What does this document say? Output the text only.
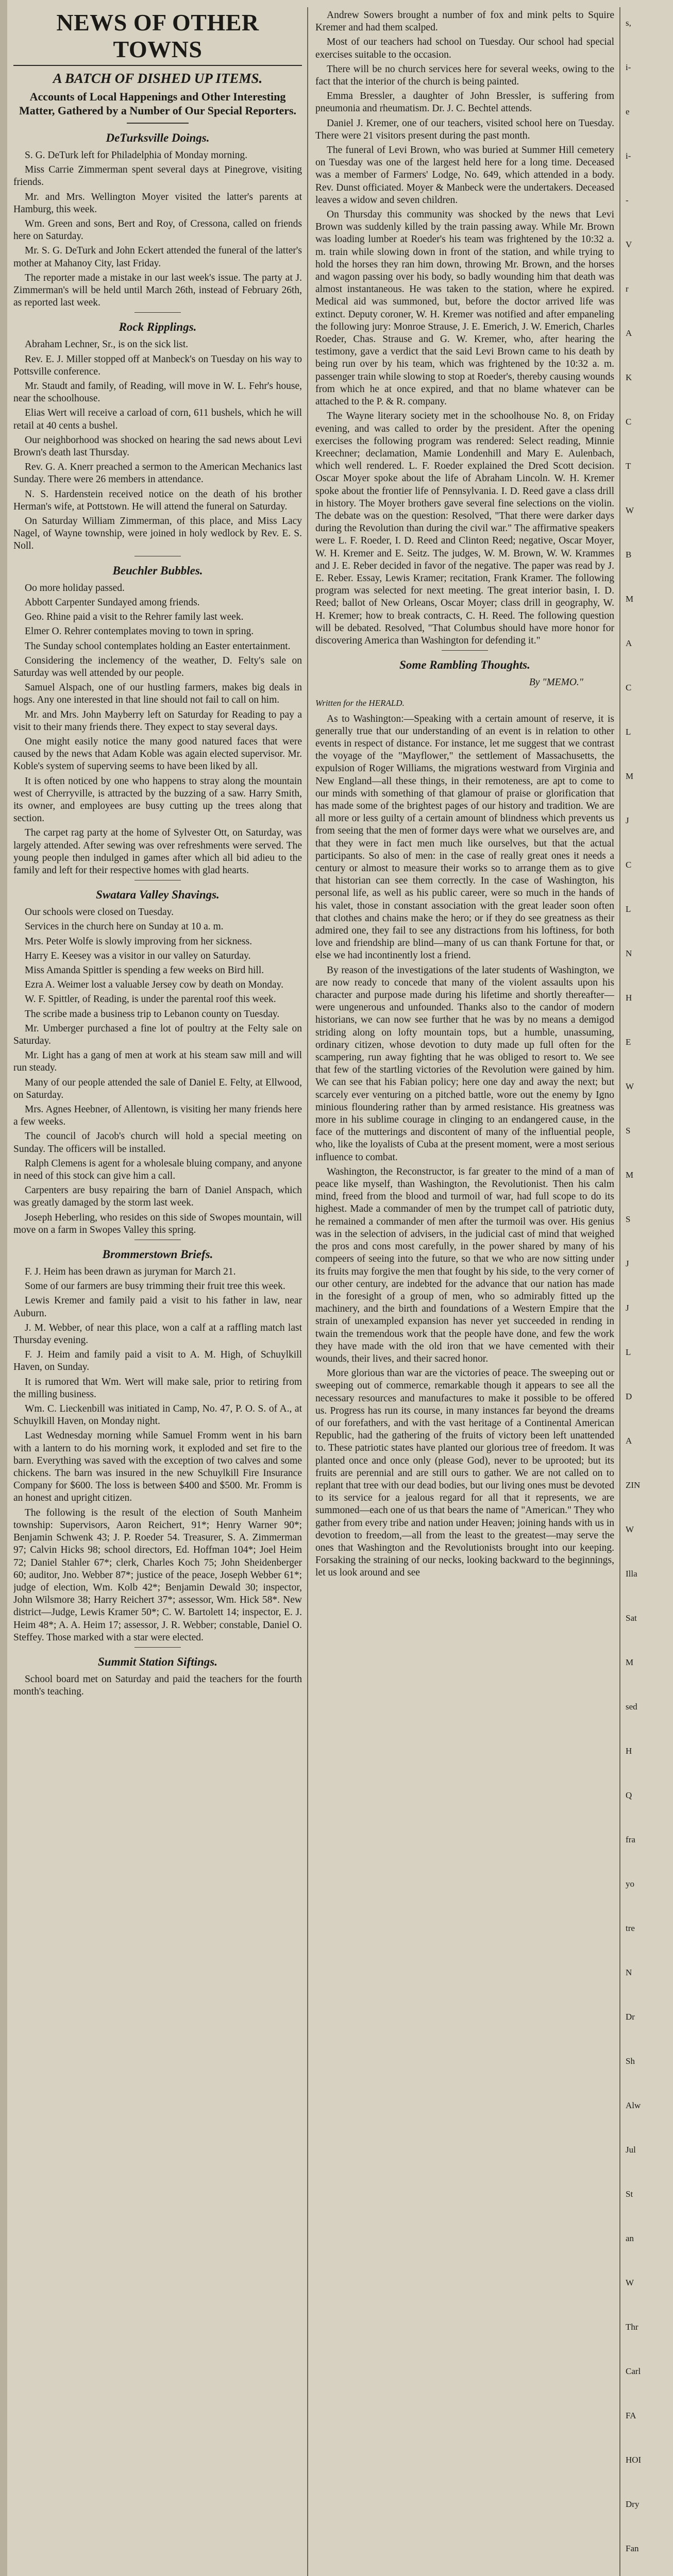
NEWS OF OTHER TOWNS
A BATCH OF DISHED UP ITEMS.
Accounts of Local Happenings and Other Interesting Matter, Gathered by a Number of Our Special Reporters.
DeTurksville Doings.

S. G. DeTurk left for Philadelphia of Monday morning.

Miss Carrie Zimmerman spent several days at Pinegrove, visiting friends.

Mr. and Mrs. Wellington Moyer visited the latter's parents at Hamburg, this week.

Wm. Green and sons, Bert and Roy, of Cressona, called on friends here on Saturday.

Mr. S. G. DeTurk and John Eckert attended the funeral of the latter's mother at Mahanoy City, last Friday.

The reporter made a mistake in our last week's issue. The party at J. Zimmerman's will be held until March 26th, instead of February 26th, as reported last week.

Rock Ripplings.

Abraham Lechner, Sr., is on the sick list.

Rev. E. J. Miller stopped off at Manbeck's on Tuesday on his way to Pottsville conference.

Mr. Staudt and family, of Reading, will move in W. L. Fehr's house, near the schoolhouse.

Elias Wert will receive a carload of corn, 611 bushels, which he will retail at 40 cents a bushel.

Our neighborhood was shocked on hearing the sad news about Levi Brown's death last Thursday.

Rev. G. A. Knerr preached a sermon to the American Mechanics last Sunday. There were 26 members in attendance.

N. S. Hardenstein received notice on the death of his brother Herman's wife, at Pottstown. He will attend the funeral on Saturday.

On Saturday William Zimmerman, of this place, and Miss Lacy Nagel, of Wayne township, were joined in holy wedlock by Rev. E. S. Noll.

Beuchler Bubbles.

Oo more holiday passed.

Abbott Carpenter Sundayed among friends.

Geo. Rhine paid a visit to the Rehrer family last week.

Elmer O. Rehrer contemplates moving to town in spring.

The Sunday school contemplates holding an Easter entertainment.

Considering the inclemency of the weather, D. Felty's sale on Saturday was well attended by our people.

Samuel Alspach, one of our hustling farmers, makes big deals in hogs. Any one interested in that line should not fail to call on him.

Mr. and Mrs. John Mayberry left on Saturday for Reading to pay a visit to their many friends there. They expect to stay several days.

One might easily notice the many good natured faces that were caused by the news that Adam Koble was again elected supervisor. Mr. Koble's system of superving seems to have been liked by all.

It is often noticed by one who happens to stray along the mountain west of Cherryville, is attracted by the buzzing of a saw. Harry Smith, its owner, and employees are busy cutting up the trees along that section.

The carpet rag party at the home of Sylvester Ott, on Saturday, was largely attended. After sewing was over refreshments were served. The young people then indulged in games after which all bid adieu to the family and left for their respective homes with glad hearts.

Swatara Valley Shavings.

Our schools were closed on Tuesday.

Services in the church here on Sunday at 10 a. m.

Mrs. Peter Wolfe is slowly improving from her sickness.

Harry E. Keesey was a visitor in our valley on Saturday.

Miss Amanda Spittler is spending a few weeks on Bird hill.

Ezra A. Weimer lost a valuable Jersey cow by death on Monday.

W. F. Spittler, of Reading, is under the parental roof this week.

The scribe made a business trip to Lebanon county on Tuesday.

Mr. Umberger purchased a fine lot of poultry at the Felty sale on Saturday.

Mr. Light has a gang of men at work at his steam saw mill and will run steady.

Many of our people attended the sale of Daniel E. Felty, at Ellwood, on Saturday.

Mrs. Agnes Heebner, of Allentown, is visiting her many friends here a few weeks.

The council of Jacob's church will hold a special meeting on Sunday. The officers will be installed.

Ralph Clemens is agent for a wholesale bluing company, and anyone in need of this stock can give him a call.

Carpenters are busy repairing the barn of Daniel Anspach, which was greatly damaged by the storm last week.

Joseph Heberling, who resides on this side of Swopes mountain, will move on a farm in Swopes Valley this spring.

Brommerstown Briefs.

F. J. Heim has been drawn as juryman for March 21.

Some of our farmers are busy trimming their fruit tree this week.

Lewis Kremer and family paid a visit to his father in law, near Auburn.

J. M. Webber, of near this place, won a calf at a raffling match last Thursday evening.

F. J. Heim and family paid a visit to A. M. High, of Schuylkill Haven, on Sunday.

It is rumored that Wm. Wert will make sale, prior to retiring from the milling business.

Wm. C. Lieckenbill was initiated in Camp, No. 47, P. O. S. of A., at Schuylkill Haven, on Monday night.

Last Wednesday morning while Samuel Fromm went in his barn with a lantern to do his morning work, it exploded and set fire to the barn. Everything was saved with the exception of two calves and some chickens. The barn was insured in the new Schuylkill Fire Insurance Company for $600. The loss is between $400 and $500. Mr. Fromm is an honest and upright citizen.

The following is the result of the election of South Manheim township: Supervisors, Aaron Reichert, 91*; Henry Warner 90*; Benjamin Schwenk 43; J. P. Roeder 54. Treasurer, S. A. Zimmerman 97; Calvin Hicks 98; school directors, Ed. Hoffman 104*; Joel Heim 72; Daniel Stahler 67*; clerk, Charles Koch 75; John Sheidenberger 60; auditor, Jno. Webber 87*; justice of the peace, Joseph Webber 61*; judge of election, Wm. Kolb 42*; Benjamin Dewald 30; inspector, John Wilsmore 38; Harry Reichert 37*; assessor, Wm. Hick 58*. New district—Judge, Lewis Kramer 50*; C. W. Bartolett 14; inspector, E. J. Heim 48*; A. A. Heim 17; assessor, J. R. Webber; constable, Daniel O. Steffey. Those marked with a star were elected.

Summit Station Siftings.

School board met on Saturday and paid the teachers for the fourth month's teaching.

Andrew Sowers brought a number of fox and mink pelts to Squire Kremer and had them scalped.

Most of our teachers had school on Tuesday. Our school had special exercises suitable to the occasion.

There will be no church services here for several weeks, owing to the fact that the interior of the church is being painted.

Emma Bressler, a daughter of John Bressler, is suffering from pneumonia and rheumatism. Dr. J. C. Bechtel attends.

Daniel J. Kremer, one of our teachers, visited school here on Tuesday. There were 21 visitors present during the past month.

The funeral of Levi Brown, who was buried at Summer Hill cemetery on Tuesday was one of the largest held here for a long time. Deceased was a member of Farmers' Lodge, No. 649, which attended in a body. Rev. Dunst officiated. Moyer & Manbeck were the undertakers. Deceased leaves a widow and seven children.

On Thursday this community was shocked by the news that Levi Brown was suddenly killed by the train passing away. While Mr. Brown was loading lumber at Roeder's his team was frightened by the 10:32 a. m. train while slowing down in front of the station, and while trying to hold the horses they ran him down, throwing Mr. Brown, and the horses and wagon passing over his body, so badly wounding him that death was almost instantaneous. He was taken to the station, where he expired. Medical aid was summoned, but, before the doctor arrived life was extinct. Deputy coroner, W. H. Kremer was notified and after empaneling the following jury: Monroe Strause, J. E. Emerich, J. W. Emerich, Charles Roeder, Chas. Strause and G. W. Kremer, who, after hearing the testimony, gave a verdict that the said Levi Brown came to his death by being run over by his team, which was frightened by the 10:32 a. m. passenger train while slowing to stop at Roeder's, thereby causing wounds from which he at once expired, and that no blame whatever can be attached to the P. & R. company.

The Wayne literary society met in the schoolhouse No. 8, on Friday evening, and was called to order by the president. After the opening exercises the following program was rendered: Select reading, Minnie Kreechner; declamation, Mamie Londenhill and Mary E. Aulenbach, which well rendered. L. F. Roeder explained the Dred Scott decision. Oscar Moyer spoke about the life of Abraham Lincoln. W. H. Kremer spoke about the frontier life of Pennsylvania. I. D. Reed gave a class drill in history. The Moyer brothers gave several fine selections on the violin. The debate was on the question: Resolved, "That there were darker days during the Revolution than during the civil war." The affirmative speakers were L. F. Roeder, I. D. Reed and Clinton Reed; negative, Oscar Moyer, W. H. Kremer and E. Seitz. The judges, W. M. Brown, W. W. Krammes and J. E. Reber decided in favor of the negative. The paper was read by J. E. Reber. Essay, Lewis Kramer; recitation, Frank Kramer. The following program was selected for next meeting. The great interior basin, I. D. Reed; ballot of New Orleans, Oscar Moyer; class drill in geography, W. H. Kremer; how to break contracts, C. H. Reed. The following question will be debated. Resolved, "That Columbus should have more honor for discovering America than Washington for defending it."

Some Rambling Thoughts.
By "MEMO."

Written for the HERALD.

As to Washington:—Speaking with a certain amount of reserve, it is generally true that our understanding of an event is in relation to other events in respect of distance. For instance, let me suggest that we contrast the voyage of the "Mayflower," the settlement of Massachusetts, the expulsion of Roger Williams, the migrations westward from Virginia and New England—all these things, in their remoteness, are apt to come to our minds with something of that glamour of praise or glorification that has made some of the brightest pages of our history and tradition. We are all more or less guilty of a certain amount of blindness which prevents us from seeing that the men of former days were what we ourselves are, and that they were in fact men much like ourselves, but that the actual participants. So also of men: in the case of really great ones it needs a century or almost to measure their works so to arrange them as to give that historian can see them correctly. In the case of Washington, his personal life, as well as his public career, were so much in the hands of his valet, those in constant association with the great leader soon often that clothes and chains make the hero; or if they do see greatness as their admired one, they fail to see any distractions from his loftiness, for both love and friendship are blind—many of us can thank Fortune for that, or else we had incontinently lost a friend.

By reason of the investigations of the later students of Washington, we are now ready to concede that many of the violent assaults upon his character and purpose made during his lifetime and shortly thereafter—were ungenerous and unfounded. Thanks also to the candor of modern historians, we can now see further that he was by no means a demigod striding along on lofty mountain tops, but a humble, unassuming, ordinary citizen, whose devotion to duty made up full often for the scampering, run away fighting that he was obliged to resort to. We see that few of the startling victories of the Revolution were gained by him. We can see that his Fabian policy; here one day and away the next; but scarcely ever venturing on a pitched battle, wore out the enemy by Igno minious floundering rather than by armed resistance. His greatness was more in his sublime courage in clinging to an endangered cause, in the face of the mutterings and discontent of many of the influential people, who, like the loyalists of Cuba at the present moment, were a most serious influence to combat.

Washington, the Reconstructor, is far greater to the mind of a man of peace like myself, than Washington, the Revolutionist. Then his calm mind, freed from the blood and turmoil of war, had full scope to do its highest. Made a commander of men by the trumpet call of patriotic duty, he remained a commander of men after the turmoil was over. His genius was in the selection of advisers, in the judicial cast of mind that weighed the pros and cons most carefully, in the power shared by many of his compeers of seeing into the future, so that we who are now sitting under its fruits may forgive the men that fought by his side, to the very corner of our other century, are indebted for the advance that our nation has made in the foresight of a group of men, who so admirably fitted up the machinery, and the birth and foundations of a Western Empire that the strain of unexampled expansion has never yet succeeded in rending in twain the tremendous work that the people have done, and few the work they have made with the old iron that we have cemented with their wounds, their lives, and their sacred honor.

More glorious than war are the victories of peace. The sweeping out or sweeping out of commerce, remarkable though it appears to see all the necessary resources and manufactures to make it possible to be offered us. Progress has run its course, in many instances far beyond the dreams of our forefathers, and with the vast heritage of a Continental American Republic, had the gathering of the fruits of victory been left unattended to. These patriotic states have planted our glorious tree of freedom. It was planted once and once only (please God), never to be uprooted; but its fruits are perennial and are still ours to gather. We are not called on to replant that tree with our dead bodies, but our living ones must be devoted to its service for a jealous regard for all that it represents, we are summoned—each one of us that bears the name of "American." They who gather from every tribe and nation under Heaven; joining hands with us in devotion to freedom,—all from the least to the greatest—may serve the ones that Washington and the Revolutionists brought into our keeping. Forsaking the straining of our necks, looking backward to the beginnings, let us look around and see

s,
i-
e
i-
-
V
r
A
K
C
T
W
B
M
A
C
L
M
J
C
L
N
H
E
W
S
M
S
J
J
L
D
A
ZIN
W
Illa
Sat
M
sed
H
Q
fra
yo
tre
N
Dr
Sh
Alw
Jul
St
an
W
Thr
Carl
FA
HOI
Dry
Fan
